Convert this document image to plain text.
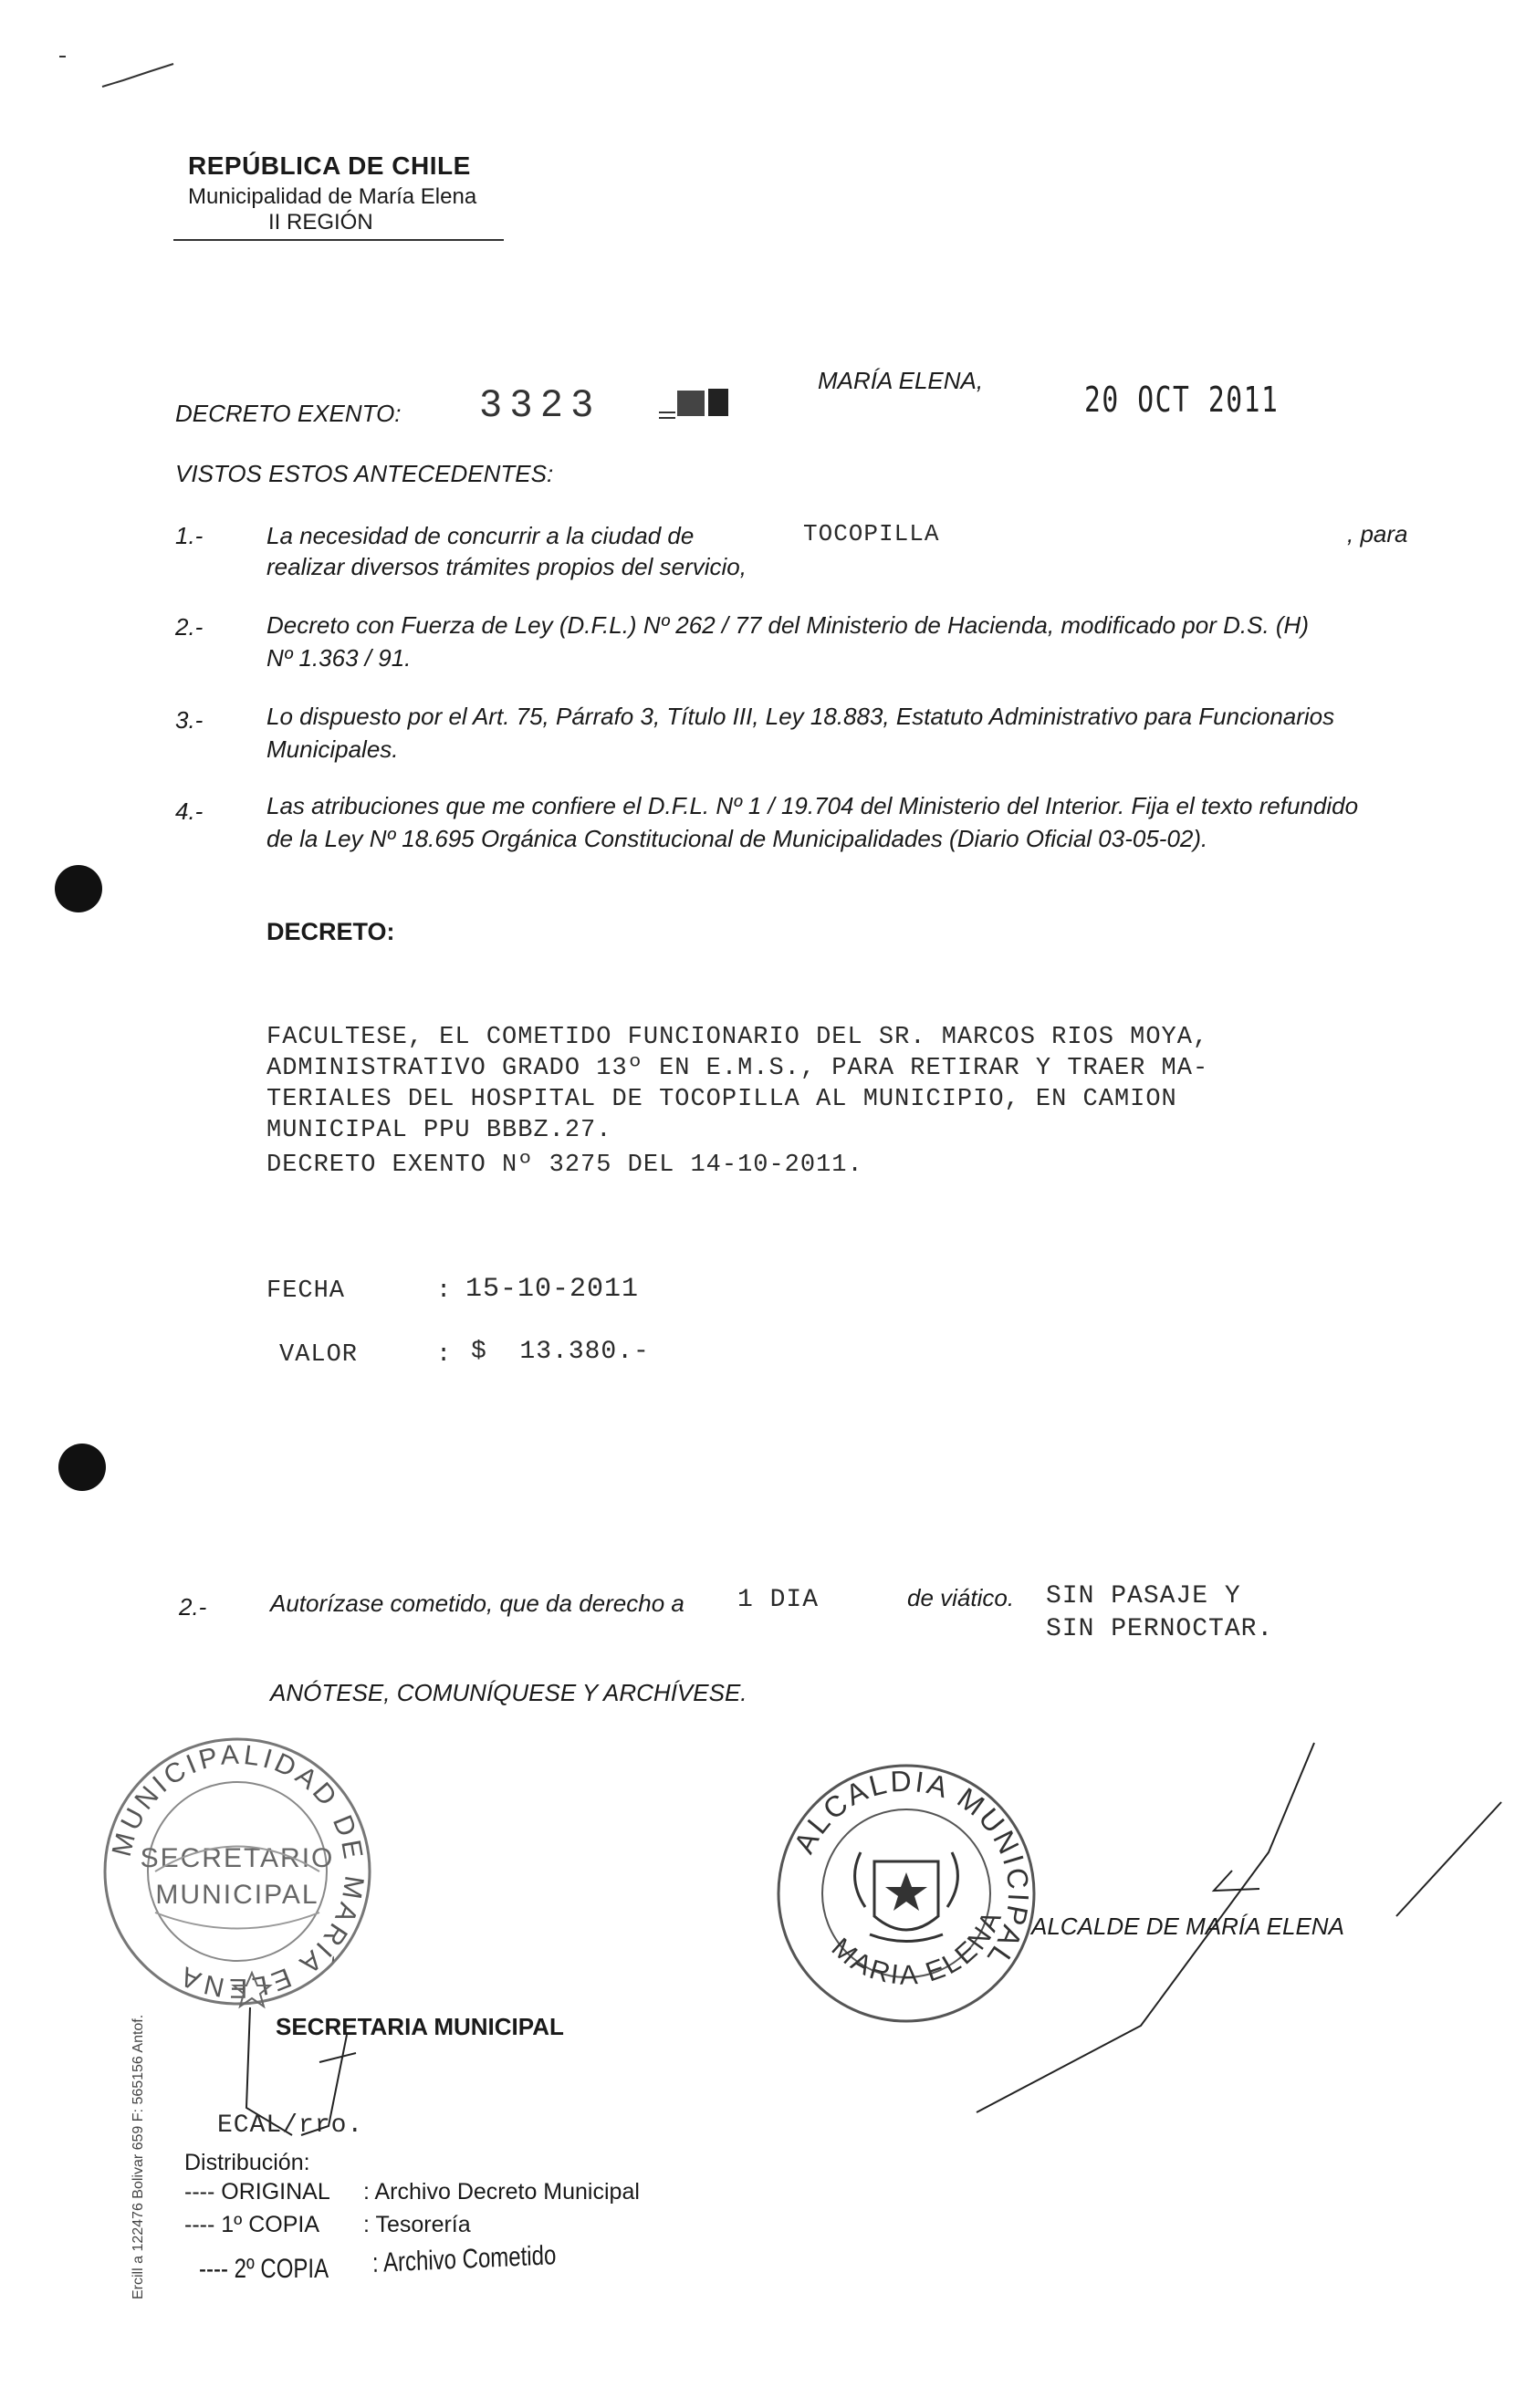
REPÚBLICA DE CHILE
Municipalidad de María Elena
II REGIÓN
DECRETO EXENTO: 3323
MARÍA ELENA,	20 OCT 2011
VISTOS ESTOS ANTECEDENTES:
1.-	La necesidad de concurrir a la ciudad de	TOCOPILLA	, para
realizar diversos trámites propios del servicio,
2.-	Decreto con Fuerza de Ley (D.F.L.) Nº 262 / 77 del Ministerio de Hacienda, modificado por D.S. (H)
Nº 1.363 / 91.
3.-	Lo dispuesto por el Art. 75, Párrafo 3, Título III, Ley 18.883, Estatuto Administrativo para Funcionarios
Municipales.
4.-	Las atribuciones que me confiere el D.F.L. Nº 1 / 19.704 del Ministerio del Interior. Fija el texto refundido
de la Ley Nº 18.695 Orgánica Constitucional de Municipalidades (Diario Oficial 03-05-02).
DECRETO:
FACULTESE, EL COMETIDO FUNCIONARIO DEL SR. MARCOS RIOS MOYA,
ADMINISTRATIVO GRADO 13º EN E.M.S., PARA RETIRAR Y TRAER MA-
TERIALES DEL HOSPITAL DE TOCOPILLA AL MUNICIPIO, EN CAMION
MUNICIPAL PPU BBBZ.27.
DECRETO EXENTO Nº 3275 DEL 14-10-2011.
FECHA	: 15-10-2011
VALOR	: $  13.380.-
2.-	Autorízase cometido, que da derecho a 1 DIA	de viático. SIN PASAJE Y
SIN PERNOCTAR.
ANÓTESE, COMUNÍQUESE Y ARCHÍVESE.
MUNICIPALIDAD DE MARÍA ELENA
SECRETARIO
MUNICIPAL
ALCALDIA MUNICIPAL
MARIA ELENA ALCALDE DE MARÍA ELENA
SECRETARIA MUNICIPAL
ECAL/rro.
Distribución:
---- ORIGINAL : Archivo Decreto Municipal
---- 1º COPIA : Tesorería
---- 2º COPIA : Archivo Cometido
Ercill a 122476 Bolivar 659 F: 565156 Antof.
